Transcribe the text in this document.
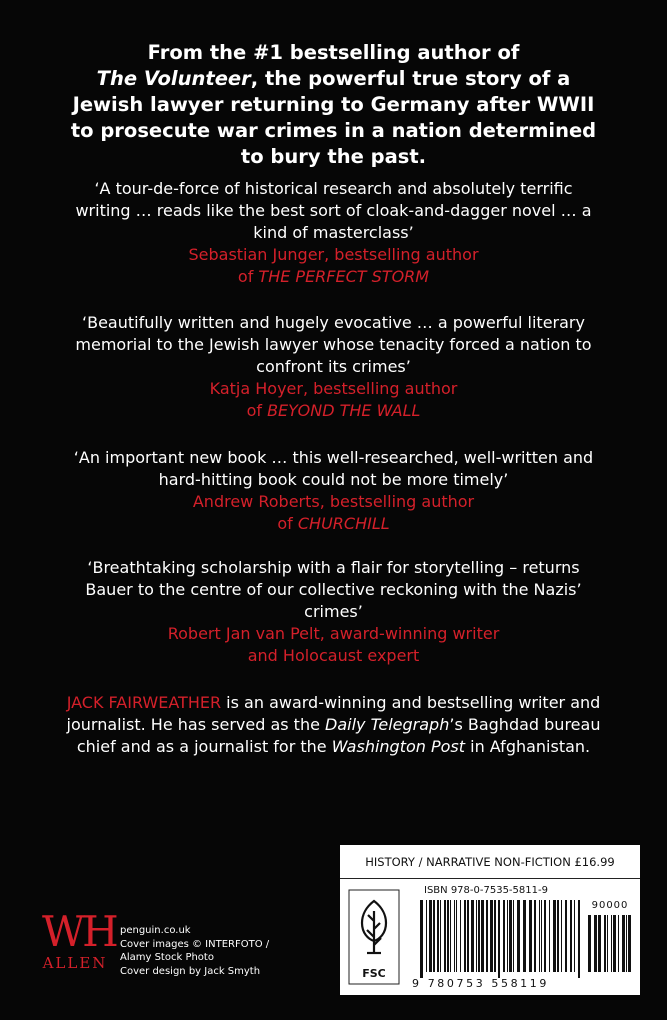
From the #1 bestselling author of
The Volunteer, the powerful true story of a Jewish lawyer returning to Germany after WWII to prosecute war crimes in a nation determined to bury the past.
‘A tour-de-force of historical research and absolutely terrific writing … reads like the best sort of cloak-and-dagger novel … a kind of masterclass’
Sebastian Junger, bestselling author
of THE PERFECT STORM
‘Beautifully written and hugely evocative … a powerful literary memorial to the Jewish lawyer whose tenacity forced a nation to confront its crimes’
Katja Hoyer, bestselling author
of BEYOND THE WALL
‘An important new book … this well-researched, well-written and hard-hitting book could not be more timely’
Andrew Roberts, bestselling author
of CHURCHILL
‘Breathtaking scholarship with a flair for storytelling – returns Bauer to the centre of our collective reckoning with the Nazis’ crimes’
Robert Jan van Pelt, award-winning writer
and Holocaust expert
JACK FAIRWEATHER is an award-winning and bestselling writer and journalist. He has served as the Daily Telegraph’s Baghdad bureau chief and as a journalist for the Washington Post in Afghanistan.
WH
ALLEN
penguin.co.uk
Cover images © INTERFOTO /
Alamy Stock Photo
Cover design by Jack Smyth
HISTORY / NARRATIVE NON-FICTION £16.99
FSC
ISBN 978-0-7535-5811-9
90000
9 780753 558119
